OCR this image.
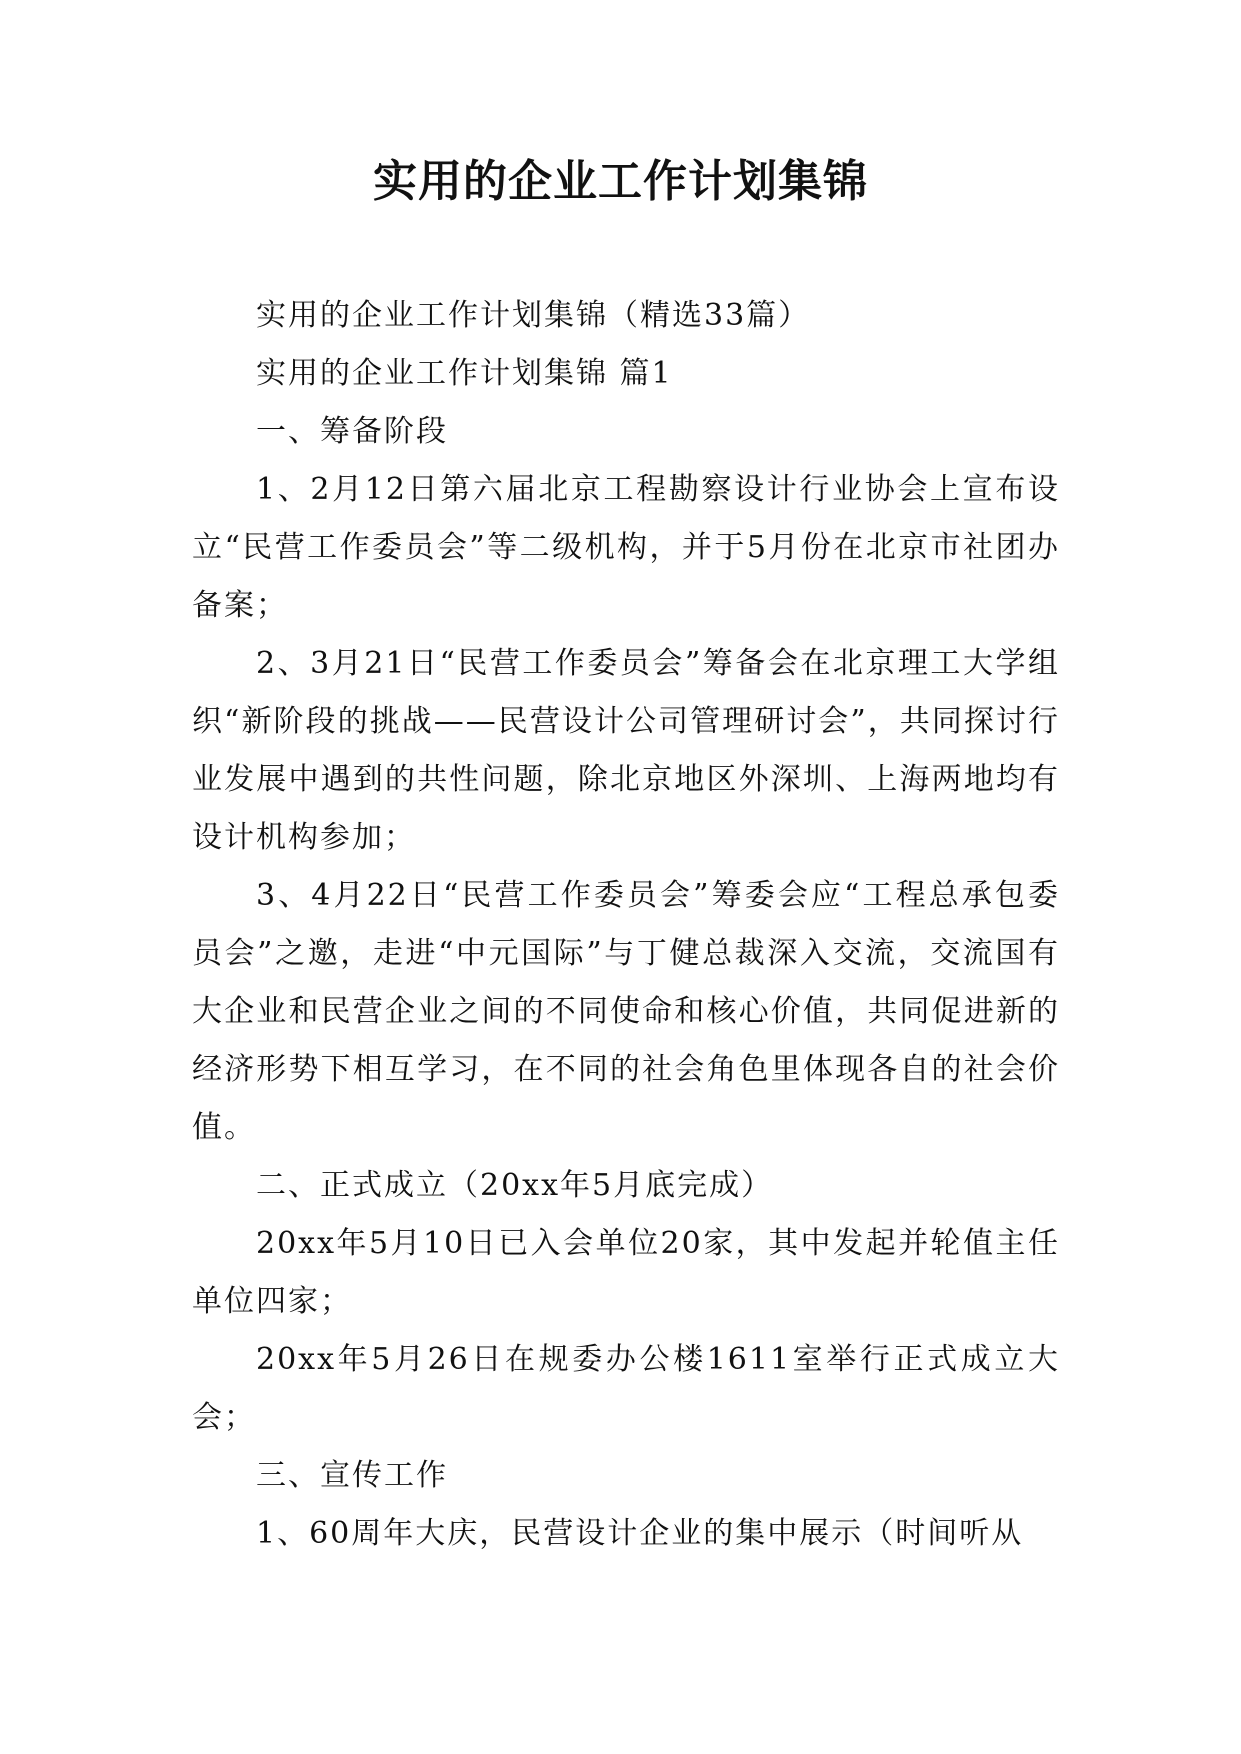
实用的企业工作计划集锦

实用的企业工作计划集锦（精选33篇）

实用的企业工作计划集锦 篇1

一、筹备阶段

1、2月12日第六届北京工程勘察设计行业协会上宣布设立“民营工作委员会”等二级机构，并于5月份在北京市社团办备案；

2、3月21日“民营工作委员会”筹备会在北京理工大学组织“新阶段的挑战——民营设计公司管理研讨会”，共同探讨行业发展中遇到的共性问题，除北京地区外深圳、上海两地均有设计机构参加；

3、4月22日“民营工作委员会”筹委会应“工程总承包委员会”之邀，走进“中元国际”与丁健总裁深入交流，交流国有大企业和民营企业之间的不同使命和核心价值，共同促进新的经济形势下相互学习，在不同的社会角色里体现各自的社会价值。

二、正式成立（20xx年5月底完成）

20xx年5月10日已入会单位20家，其中发起并轮值主任单位四家；

20xx年5月26日在规委办公楼1611室举行正式成立大会；

三、宣传工作

1、60周年大庆，民营设计企业的集中展示（时间听从
